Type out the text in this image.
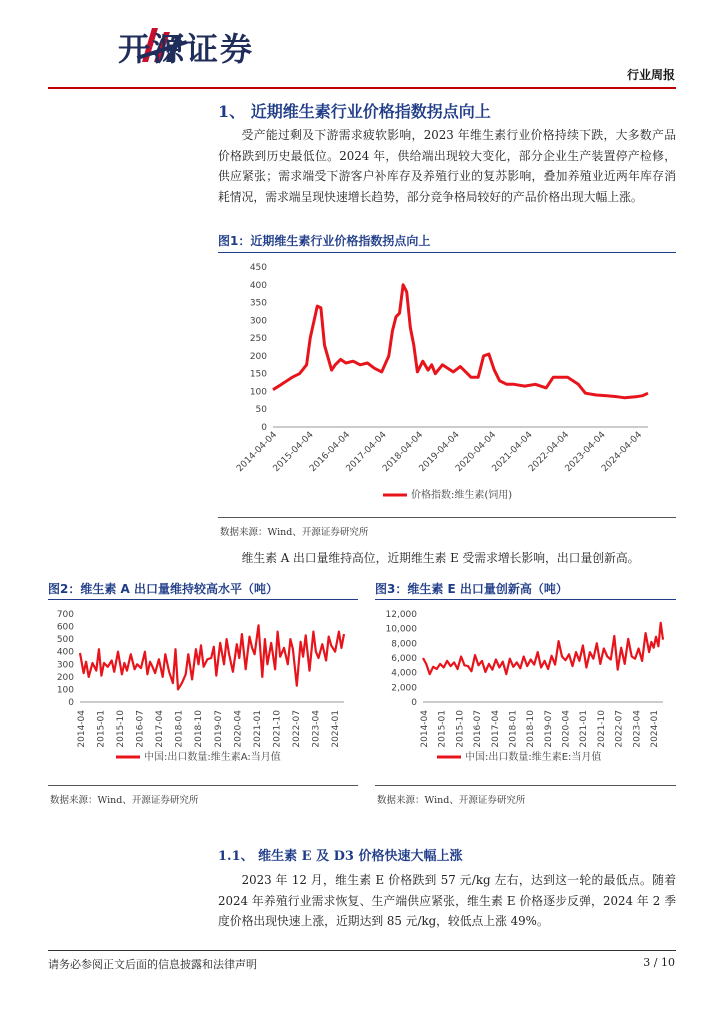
开源证券
行业周报
1、 近期维生素行业价格指数拐点向上
受产能过剩及下游需求疲软影响，2023 年维生素行业价格持续下跌，大多数产品价格跌到历史最低位。2024 年，供给端出现较大变化，部分企业生产装置停产检修，供应紧张；需求端受下游客户补库存及养殖行业的复苏影响，叠加养殖业近两年库存消耗情况，需求端呈现快速增长趋势，部分竞争格局较好的产品价格出现大幅上涨。
图1：近期维生素行业价格指数拐点向上
0
50
100
150
200
250
300
350
400
450
2014-04-04
2015-04-04
2016-04-04
2017-04-04
2018-04-04
2019-04-04
2020-04-04
2021-04-04
2022-04-04
2023-04-04
2024-04-04
价格指数:维生素(饲用)
数据来源：Wind、开源证券研究所
维生素 A 出口量维持高位，近期维生素 E 受需求增长影响，出口量创新高。
图2：维生素 A 出口量维持较高水平（吨）	图3：维生素 E 出口量创新高（吨）
0
100
200
300
400
500
600
700
2014-04 2015-01 2015-10 2016-07 2017-04 2018-01 2018-10 2019-07 2020-04 2021-01 2021-10 2022-07 2023-04 2024-01
中国:出口数量:维生素A:当月值
0
2,000
4,000
6,000
8,000
10,000
12,000
2014-04 2015-01 2015-10 2016-07 2017-04 2018-01 2018-10 2019-07 2020-04 2021-01 2021-10 2022-07 2023-04 2024-01
中国:出口数量:维生素E:当月值
数据来源：Wind、开源证券研究所	数据来源：Wind、开源证券研究所
1.1、 维生素 E 及 D3 价格快速大幅上涨
2023 年 12 月，维生素 E 价格跌到 57 元/kg 左右，达到这一轮的最低点。随着 2024 年养殖行业需求恢复、生产端供应紧张，维生素 E 价格逐步反弹，2024 年 2 季度价格出现快速上涨，近期达到 85 元/kg，较低点上涨 49%。
请务必参阅正文后面的信息披露和法律声明	3 / 10
